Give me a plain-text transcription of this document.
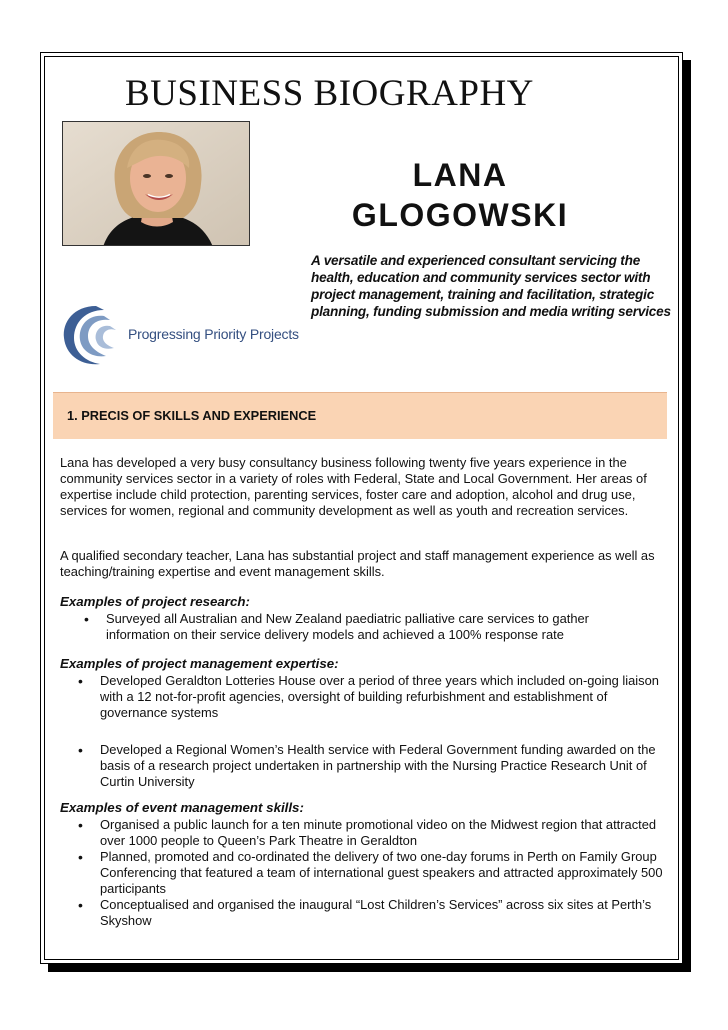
BUSINESS BIOGRAPHY
LANA
GLOGOWSKI
A versatile and experienced consultant servicing the health, education and community services sector with project management, training and facilitation, strategic planning, funding submission and media writing services
Progressing Priority Projects
1. PRECIS OF SKILLS AND EXPERIENCE

Lana has developed a very busy consultancy business following twenty five years experience in the community services sector in a variety of roles with Federal, State and Local Government. Her areas of expertise include child protection, parenting services, foster care and adoption, alcohol and drug use, services for women, regional and community development as well as youth and recreation services.

A qualified secondary teacher, Lana has substantial project and staff management experience as well as teaching/training expertise and event management skills.

Examples of project research:

• Surveyed all Australian and New Zealand paediatric palliative care services to gather information on their service delivery models and achieved a 100% response rate

Examples of project management expertise:

• Developed Geraldton Lotteries House over a period of three years which included on-going liaison with a 12 not-for-profit agencies, oversight of building refurbishment and establishment of governance systems
• Developed a Regional Women’s Health service with Federal Government funding awarded on the basis of a research project undertaken in partnership with the Nursing Practice Research Unit of Curtin University

Examples of event management skills:

• Organised a public launch for a ten minute promotional video on the Midwest region that attracted over 1000 people to Queen’s Park Theatre in Geraldton
• Planned, promoted and co-ordinated the delivery of two one-day forums in Perth on Family Group Conferencing that featured a team of international guest speakers and attracted approximately 500 participants
• Conceptualised and organised the inaugural “Lost Children’s Services” across six sites at Perth’s Skyshow
